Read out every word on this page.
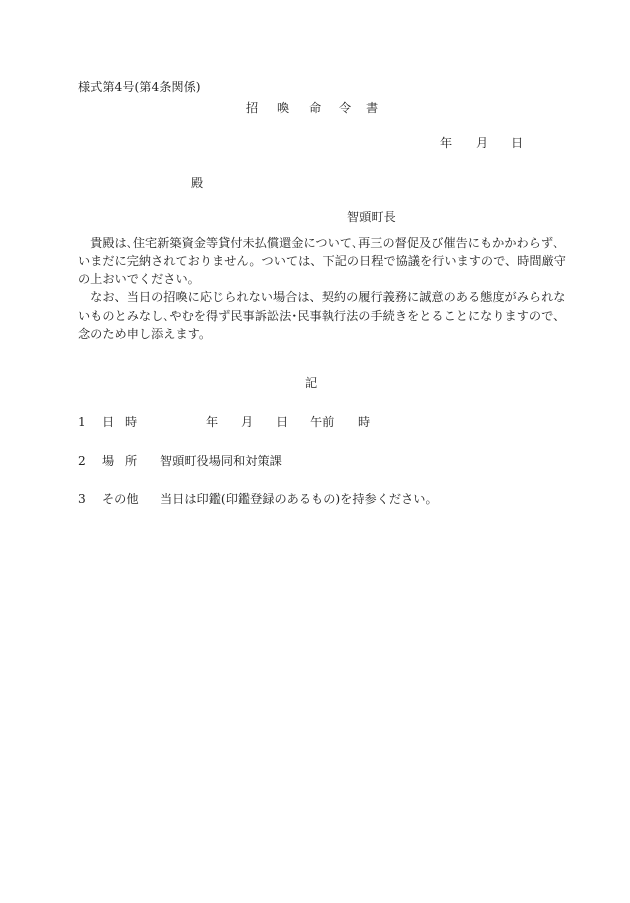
様式第4号(第4条関係)
招 喚 命 令 書
年 月 日
殿
智頭町長
　貴殿は､住宅新築資金等貸付未払償還金について､再三の督促及び催告にもかかわらず､
いまだに完納されておりません。ついては、下記の日程で協議を行いますので、時間厳守
の上おいでください。
　なお、当日の招喚に応じられない場合は、契約の履行義務に誠意のある態度がみられな
いものとみなし､やむを得ず民事訴訟法･民事執行法の手続きをとることになりますので、
念のため申し添えます。
記
1 日 時	年 月 日 午前 時
2 場 所 智頭町役場同和対策課
3 その他 当日は印鑑(印鑑登録のあるもの)を持参ください。
